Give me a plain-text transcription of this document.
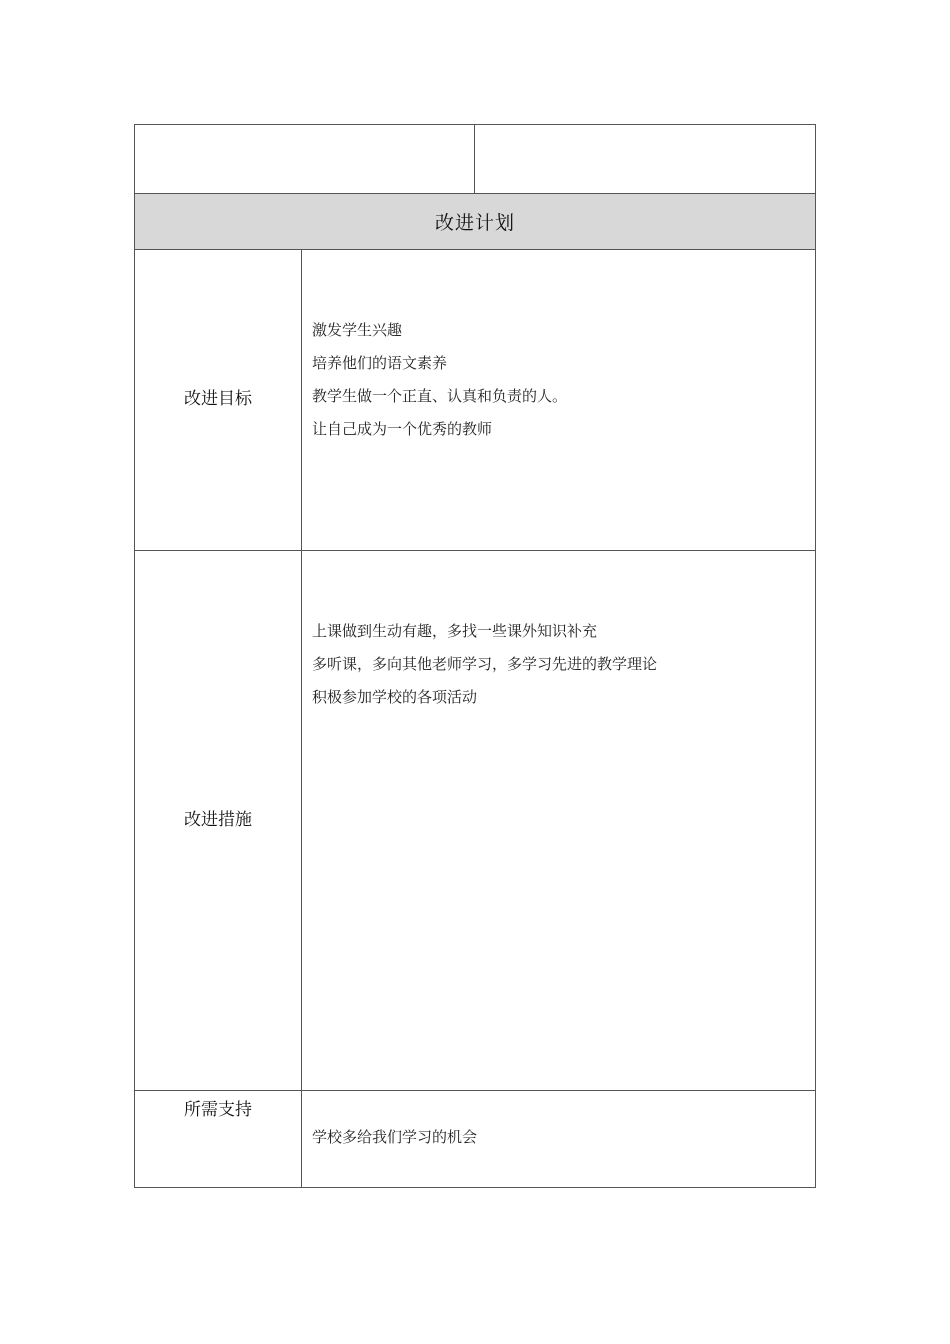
改进计划
改进目标
激发学生兴趣
培养他们的语文素养
教学生做一个正直、认真和负责的人。
让自己成为一个优秀的教师
改进措施
上课做到生动有趣，多找一些课外知识补充
多听课，多向其他老师学习，多学习先进的教学理论
积极参加学校的各项活动
所需支持
学校多给我们学习的机会
